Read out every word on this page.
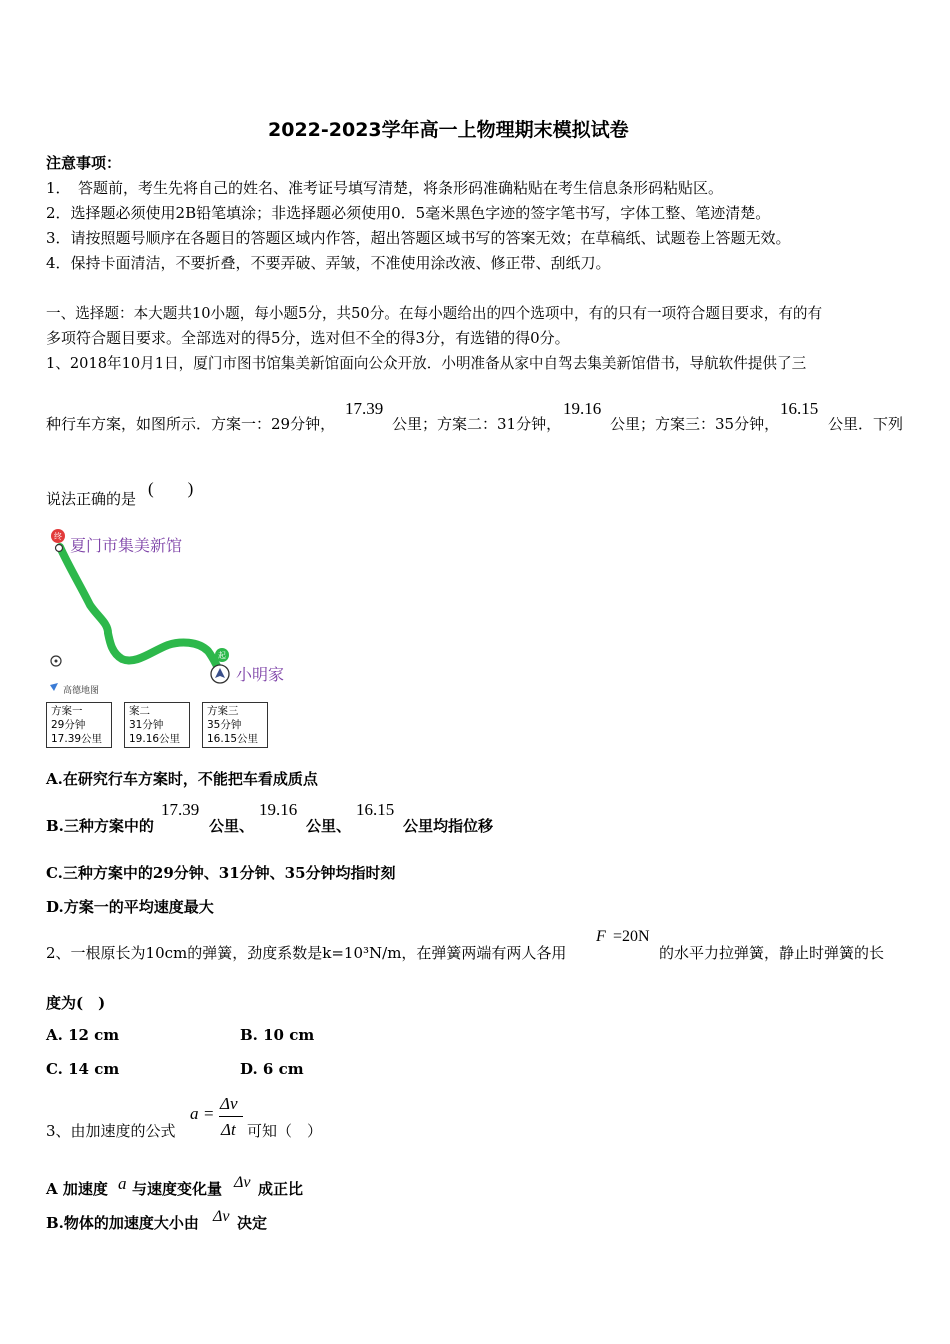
2022-2023学年高一上物理期末模拟试卷
注意事项：
1．　答题前，考生先将自己的姓名、准考证号填写清楚，将条形码准确粘贴在考生信息条形码粘贴区。
2．选择题必须使用2B铅笔填涂；非选择题必须使用0．5毫米黑色字迹的签字笔书写，字体工整、笔迹清楚。
3．请按照题号顺序在各题目的答题区域内作答，超出答题区域书写的答案无效；在草稿纸、试题卷上答题无效。
4．保持卡面清洁，不要折叠，不要弄破、弄皱，不准使用涂改液、修正带、刮纸刀。
一、选择题：本大题共10小题，每小题5分，共50分。在每小题给出的四个选项中，有的只有一项符合题目要求，有的有
多项符合题目要求。全部选对的得5分，选对但不全的得3分，有选错的得0分。
1、2018年10月1日，厦门市图书馆集美新馆面向公众开放．小明准备从家中自驾去集美新馆借书，导航软件提供了三
种行车方案，如图所示．方案一：29分钟，
17.39
公里；方案二：31分钟，
19.16
公里；方案三：35分钟，
16.15
公里．下列
说法正确的是
(　　)
终
起
夏门市集美新馆
小明家
高德地图
方案一
29分钟
17.39公里
案二
31分钟
19.16公里
方案三
35分钟
16.15公里
A.在研究行车方案时，不能把车看成质点
B.三种方案中的
17.39
公里、
19.16
公里、
16.15
公里均指位移
C.三种方案中的29分钟、31分钟、35分钟均指时刻
D.方案一的平均速度最大
2、一根原长为10cm的弹簧，劲度系数是k=10³N/m，在弹簧两端有两人各用
F =20N
的水平力拉弹簧，静止时弹簧的长
度为(　)
A. 12 cm	B. 10 cm
C. 14 cm	D. 6 cm
3、由加速度的公式
a =
Δv
Δt 可知（　）
A 加速度 a 与速度变化量 Δv 成正比
B.物体的加速度大小由 Δv 决定
